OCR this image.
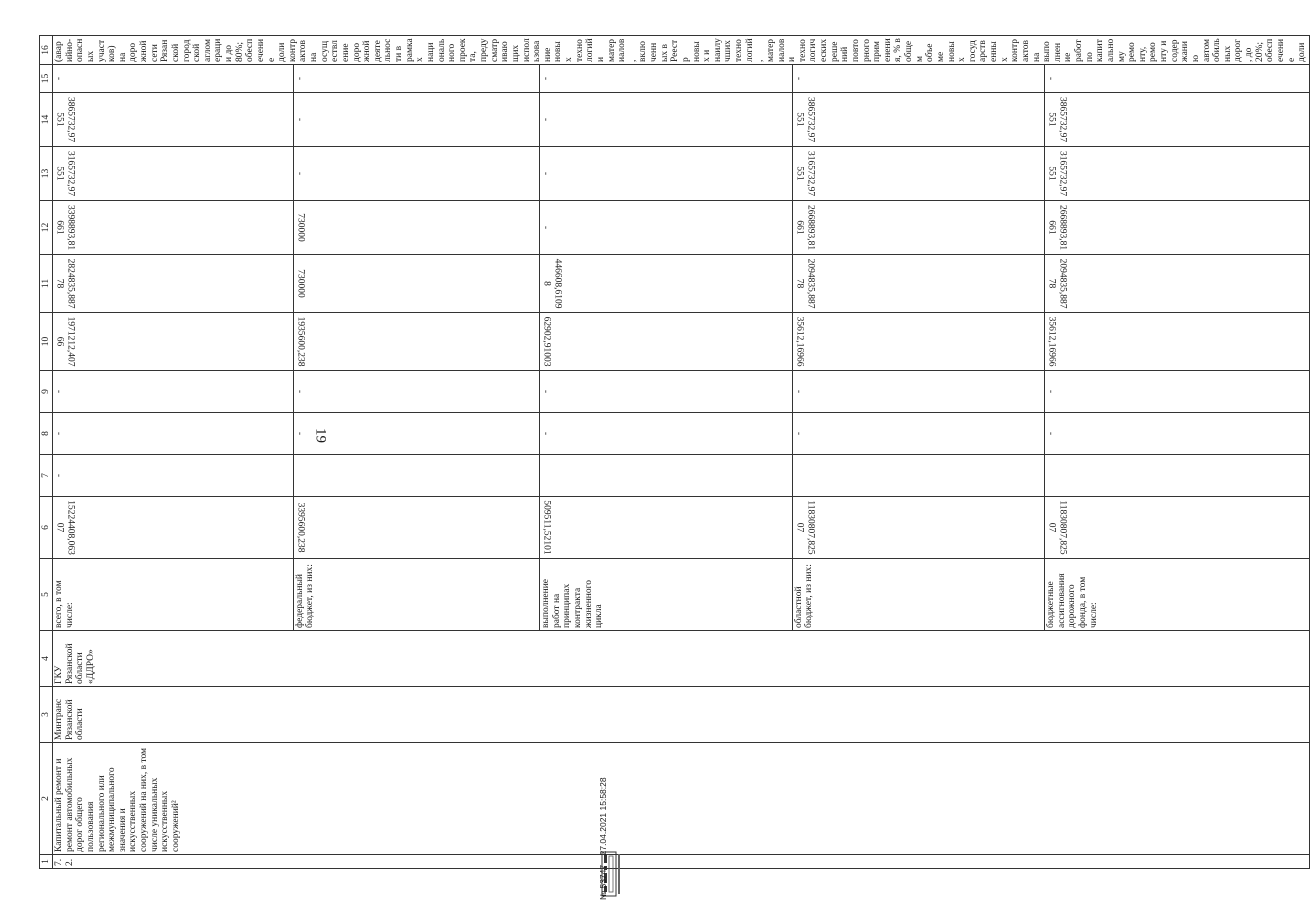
19
1	2	3	4	5	6	7	8	9	10	11	12	13	14	15	16
7.2.	Капитальный ремонт и ремонт автомобильных дорог общего пользования регионального или межмуниципального значения и искусственных сооружений на них, в том числе уникальных искусственных сооружений²	Минтранс Рязанской области	ГКУ Рязанской области «ДДРО»	всего, в том числе:	15224408,06307	-	-	-	1971212,40766	2824835,88778	3398893,81661	3165732,97551	3865732,97551	-	(аварийно-опасных участков) на дорожной сети Рязанской городской агломерации до 80%; обеспечение доли контрактов на осуществление дорожной деятельности в рамках национального проекта, предусматривающих использование новых технологий и материалов, включенных в Реестр новых и наилучших технологий, материалов и технологических решений повторного применения, % в общем объеме новых государственных контрактов на выполнение работ по капитальному ремонту, ремонту и содержанию автомобильных дорог, до 20%; обеспечение доли

				федеральный бюджет, из них:	3395600,238		-	-	1935600,238	730000	730000	-	-	-	
				выполнение работ на принципах контракта жизненного цикла	509511,52101		-	-	62902,91003	446608,61098	-	-	-	-	
				областной бюджет, из них:	11830807,82507		-	-	35612,16966	2094835,88778	2668893,81661	3165732,97551	3865732,97551	-	
				бюджетные ассигнования дорожного фонда, в том числе:	11830807,82507		-	-	35612,16966	2094835,88778	2668893,81661	3165732,97551	3865732,97551	-	
№ 53747    27.04.2021 15:58:28
